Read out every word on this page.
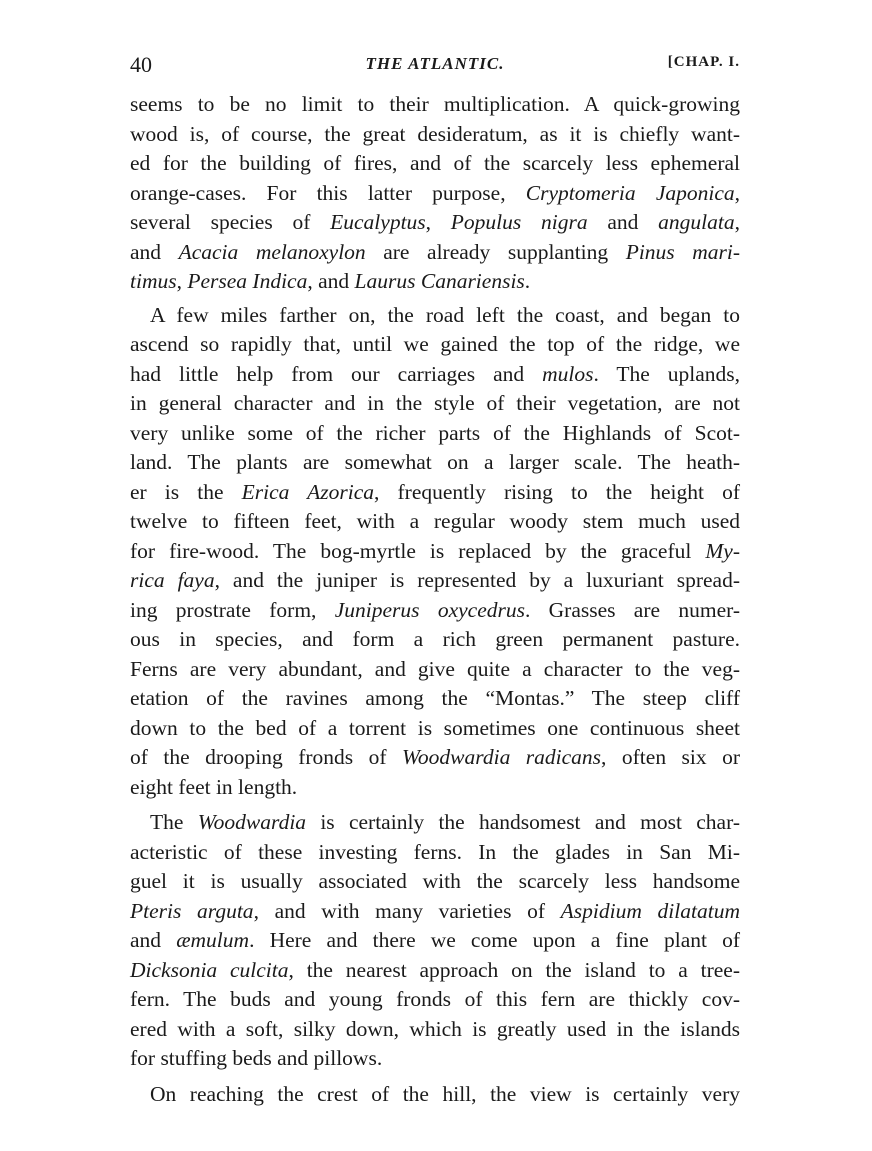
40	THE ATLANTIC.	[CHAP. I.
seems to be no limit to their multiplication. A quick-growing
wood is, of course, the great desideratum, as it is chiefly want-
ed for the building of fires, and of the scarcely less ephemeral
orange-cases. For this latter purpose, Cryptomeria Japonica,
several species of Eucalyptus, Populus nigra and angulata,
and Acacia melanoxylon are already supplanting Pinus mari-
timus, Persea Indica, and Laurus Canariensis.
A few miles farther on, the road left the coast, and began to
ascend so rapidly that, until we gained the top of the ridge, we
had little help from our carriages and mulos. The uplands,
in general character and in the style of their vegetation, are not
very unlike some of the richer parts of the Highlands of Scot-
land. The plants are somewhat on a larger scale. The heath-
er is the Erica Azorica, frequently rising to the height of
twelve to fifteen feet, with a regular woody stem much used
for fire-wood. The bog-myrtle is replaced by the graceful My-
rica faya, and the juniper is represented by a luxuriant spread-
ing prostrate form, Juniperus oxycedrus. Grasses are numer-
ous in species, and form a rich green permanent pasture.
Ferns are very abundant, and give quite a character to the veg-
etation of the ravines among the “Montas.” The steep cliff
down to the bed of a torrent is sometimes one continuous sheet
of the drooping fronds of Woodwardia radicans, often six or
eight feet in length.
The Woodwardia is certainly the handsomest and most char-
acteristic of these investing ferns. In the glades in San Mi-
guel it is usually associated with the scarcely less handsome
Pteris arguta, and with many varieties of Aspidium dilatatum
and æmulum. Here and there we come upon a fine plant of
Dicksonia culcita, the nearest approach on the island to a tree-
fern. The buds and young fronds of this fern are thickly cov-
ered with a soft, silky down, which is greatly used in the islands
for stuffing beds and pillows.
On reaching the crest of the hill, the view is certainly very
